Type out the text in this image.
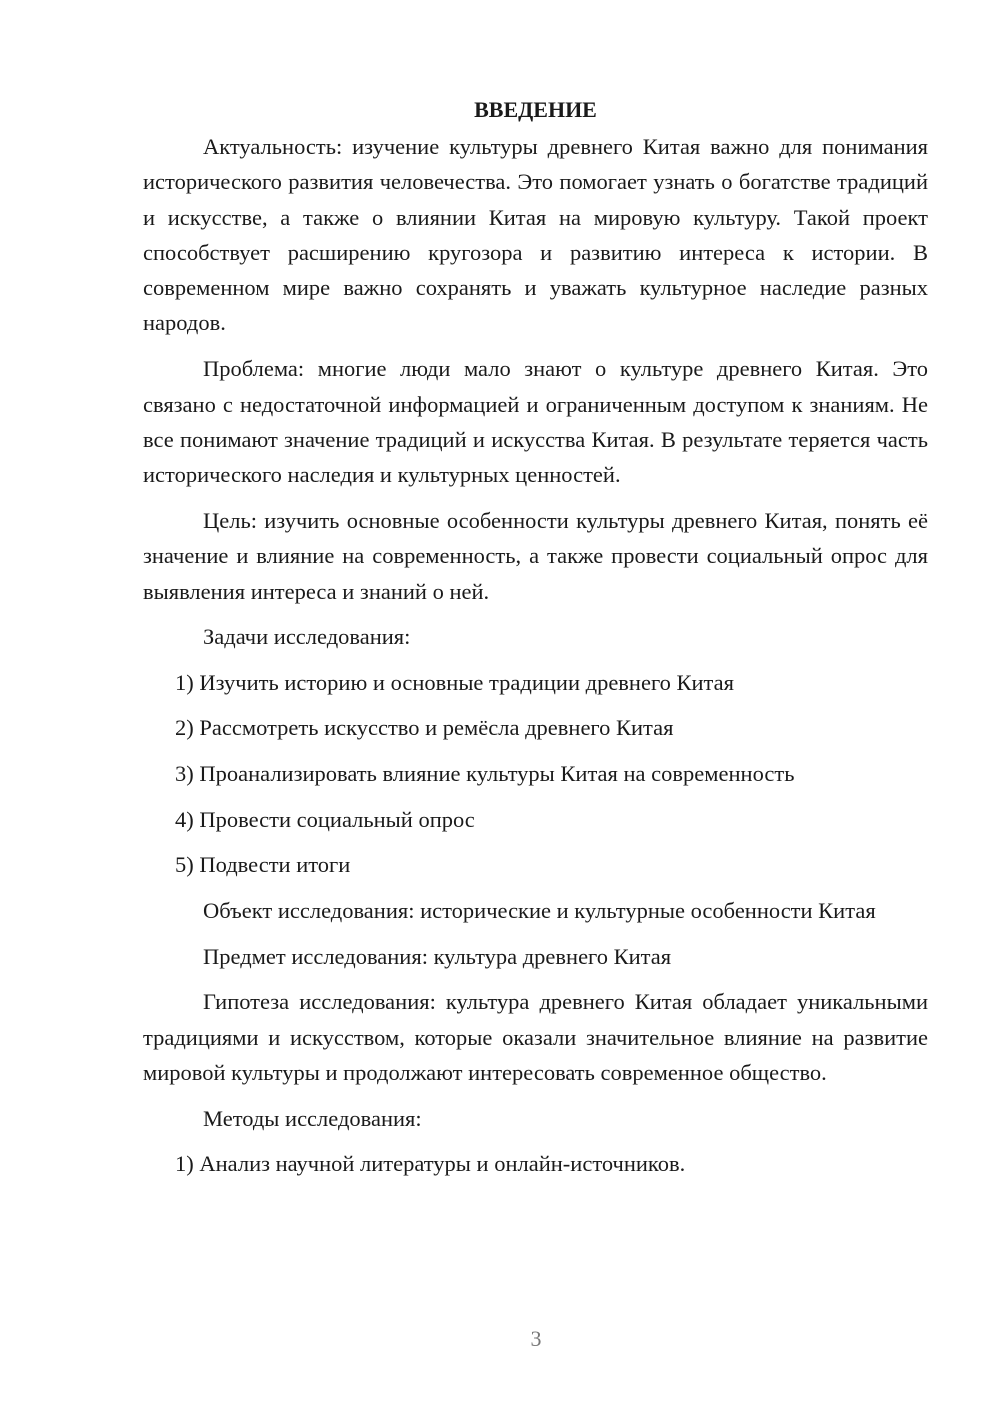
ВВЕДЕНИЕ

Актуальность: изучение культуры древнего Китая важно для понимания исторического развития человечества. Это помогает узнать о богатстве традиций и искусстве, а также о влиянии Китая на мировую культуру. Такой проект способствует расширению кругозора и развитию интереса к истории. В современном мире важно сохранять и уважать культурное наследие разных народов.

Проблема: многие люди мало знают о культуре древнего Китая. Это связано с недостаточной информацией и ограниченным доступом к знаниям. Не все понимают значение традиций и искусства Китая. В результате теряется часть исторического наследия и культурных ценностей.

Цель: изучить основные особенности культуры древнего Китая, понять её значение и влияние на современность, а также провести социальный опрос для выявления интереса и знаний о ней.

Задачи исследования:

1) Изучить историю и основные традиции древнего Китая

2) Рассмотреть искусство и ремёсла древнего Китая

3) Проанализировать влияние культуры Китая на современность

4) Провести социальный опрос

5) Подвести итоги

Объект исследования: исторические и культурные особенности Китая

Предмет исследования: культура древнего Китая

Гипотеза исследования: культура древнего Китая обладает уникальными традициями и искусством, которые оказали значительное влияние на развитие мировой культуры и продолжают интересовать современное общество.

Методы исследования:

1) Анализ научной литературы и онлайн-источников.

3
